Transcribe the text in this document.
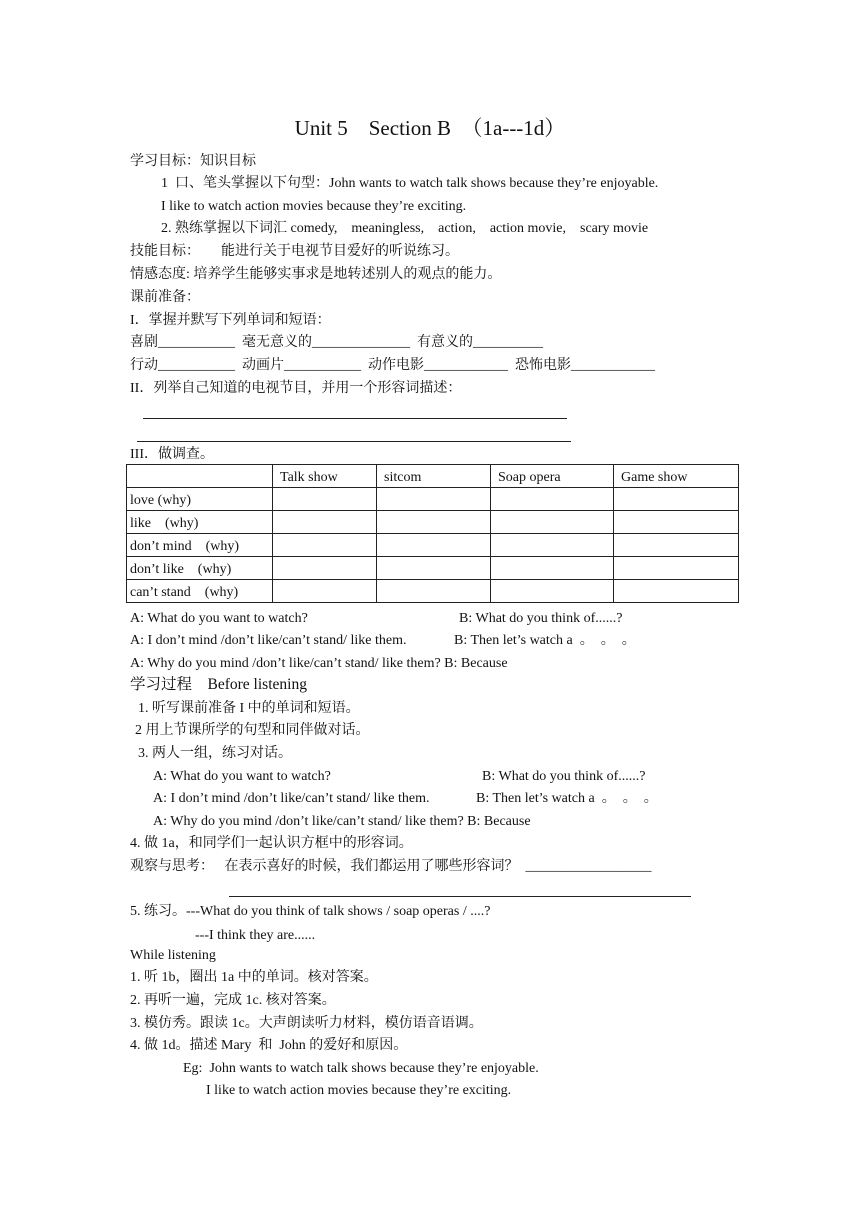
Unit 5    Section B  （1a---1d）
学习目标：知识目标
1  口、笔头掌握以下句型：John wants to watch talk shows because they’re enjoyable.
I like to watch action movies because they’re exciting.
2. 熟练掌握以下词汇 comedy,    meaningless,    action,    action movie,    scary movie
技能目标：      能进行关于电视节目爱好的听说练习。
情感态度: 培养学生能够实事求是地转述别人的观点的能力。
课前准备：
I．掌握并默写下列单词和短语：
喜剧___________  毫无意义的______________  有意义的__________
行动___________  动画片___________  动作电影____________  恐怖电影____________
II．列举自己知道的电视节目，并用一个形容词描述：
III．做调查。
	Talk show	sitcom	Soap opera	Game show
love (why)				
like    (why)				
don’t mind    (why)				
don’t like    (why)				
can’t stand    (why)				
A: What do you want to watch?	B: What do you think of......?
A: I don’t mind /don’t like/can’t stand/ like them.	B: Then let’s watch a  。  。  。
A: Why do you mind /don’t like/can’t stand/ like them? B: Because
学习过程 Before listening
1. 听写课前准备 I 中的单词和短语。
2 用上节课所学的句型和同伴做对话。
3. 两人一组，练习对话。
A: What do you want to watch?	B: What do you think of......?
A: I don’t mind /don’t like/can’t stand/ like them.	B: Then let’s watch a  。  。  。
A: Why do you mind /don’t like/can’t stand/ like them? B: Because
4. 做 1a，和同学们一起认识方框中的形容词。
观察与思考：   在表示喜好的时候，我们都运用了哪些形容词？  __________________
5. 练习。---What do you think of talk shows / soap operas / ....?
---I think they are......
While listening
1. 听 1b，圈出 1a 中的单词。核对答案。
2. 再听一遍，完成 1c. 核对答案。
3. 模仿秀。跟读 1c。大声朗读听力材料，模仿语音语调。
4. 做 1d。描述 Mary  和  John 的爱好和原因。
Eg:  John wants to watch talk shows because they’re enjoyable.
I like to watch action movies because they’re exciting.
